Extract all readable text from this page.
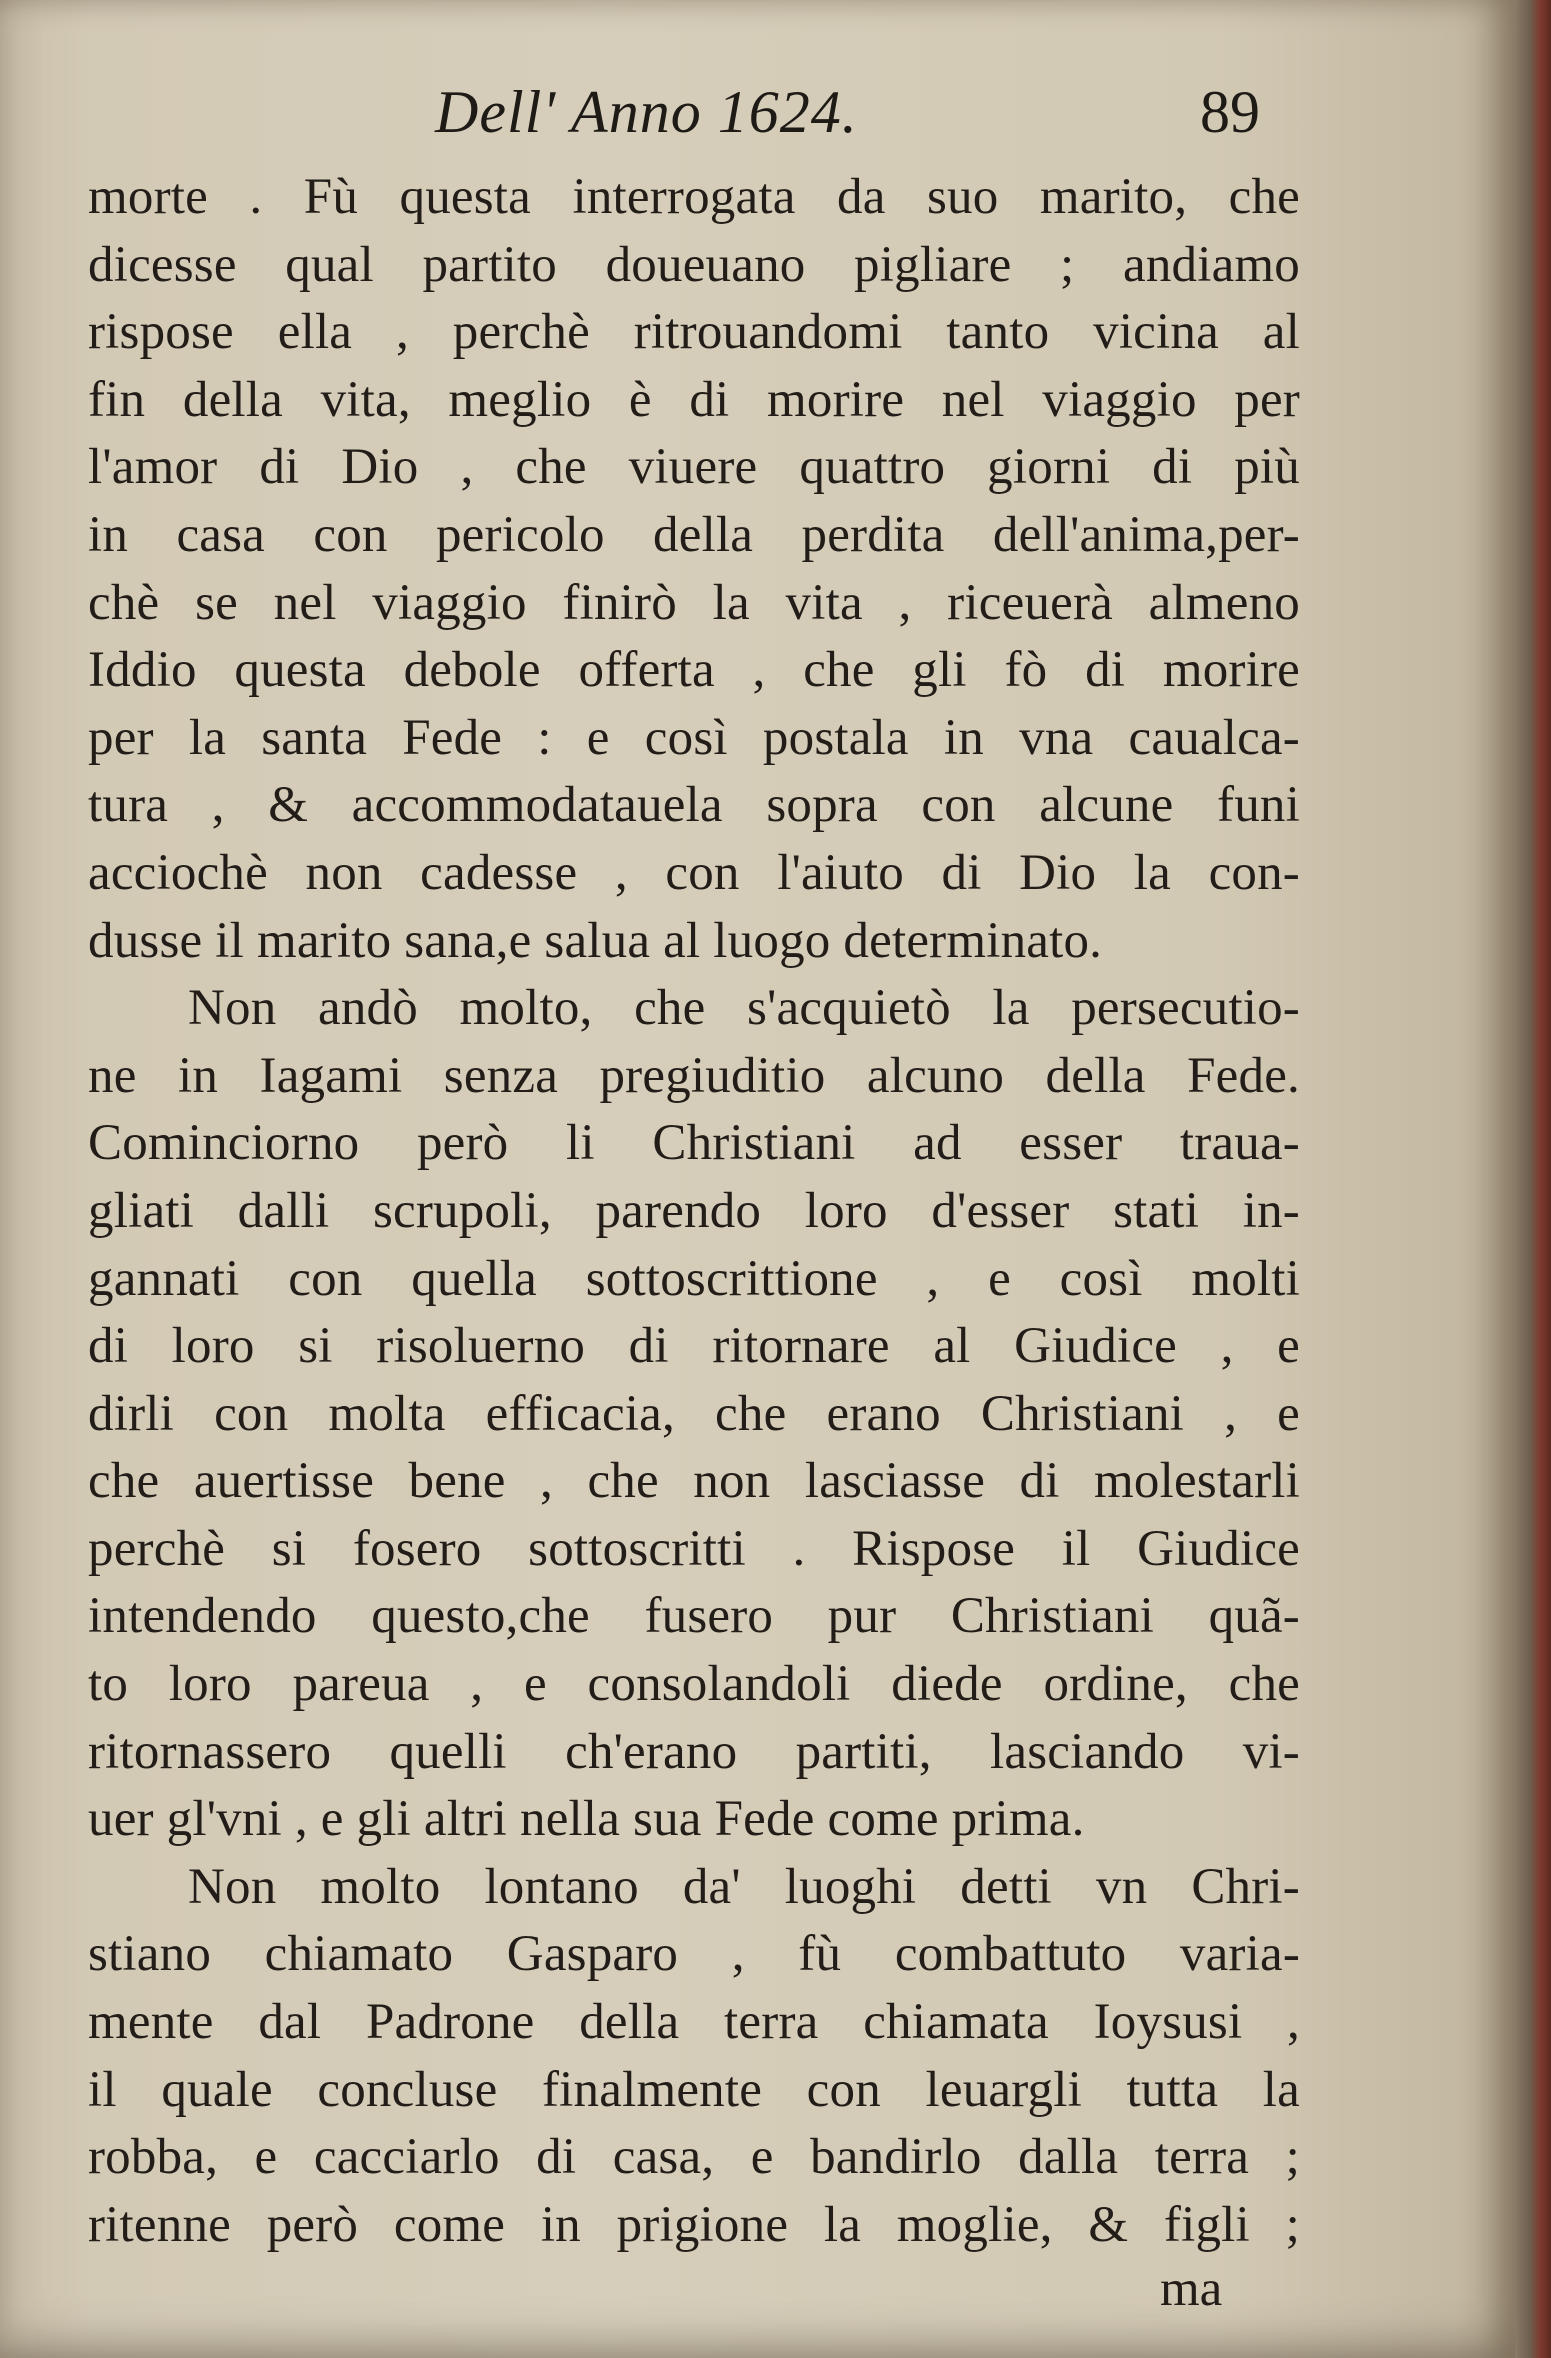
Dell' Anno 1624.	89
morte . Fù questa interrogata da suo marito, che
dicesse qual partito doueuano pigliare ; andiamo
rispose ella , perchè ritrouandomi tanto vicina al
fin della vita, meglio è di morire nel viaggio per
l'amor di Dio , che viuere quattro giorni di più
in casa con pericolo della perdita dell'anima,per-
chè se nel viaggio finirò la vita , riceuerà almeno
Iddio questa debole offerta , che gli fò di morire
per la santa Fede : e così postala in vna caualca-
tura , & accommodatauela sopra con alcune funi
acciochè non cadesse , con l'aiuto di Dio la con-
dusse il marito sana,e salua al luogo determinato.
Non andò molto, che s'acquietò la persecutio-
ne in Iagami senza pregiuditio alcuno della Fede.
Cominciorno però li Christiani ad esser traua-
gliati dalli scrupoli, parendo loro d'esser stati in-
gannati con quella sottoscrittione , e così molti
di loro si risoluerno di ritornare al Giudice , e
dirli con molta efficacia, che erano Christiani , e
che auertisse bene , che non lasciasse di molestarli
perchè si fosero sottoscritti . Rispose il Giudice
intendendo questo,che fusero pur Christiani quã-
to loro pareua , e consolandoli diede ordine, che
ritornassero quelli ch'erano partiti, lasciando vi-
uer gl'vni , e gli altri nella sua Fede come prima.
Non molto lontano da' luoghi detti vn Chri-
stiano chiamato Gasparo , fù combattuto varia-
mente dal Padrone della terra chiamata Ioysusi ,
il quale concluse finalmente con leuargli tutta la
robba, e cacciarlo di casa, e bandirlo dalla terra ;
ritenne però come in prigione la moglie, & figli ;
ma
